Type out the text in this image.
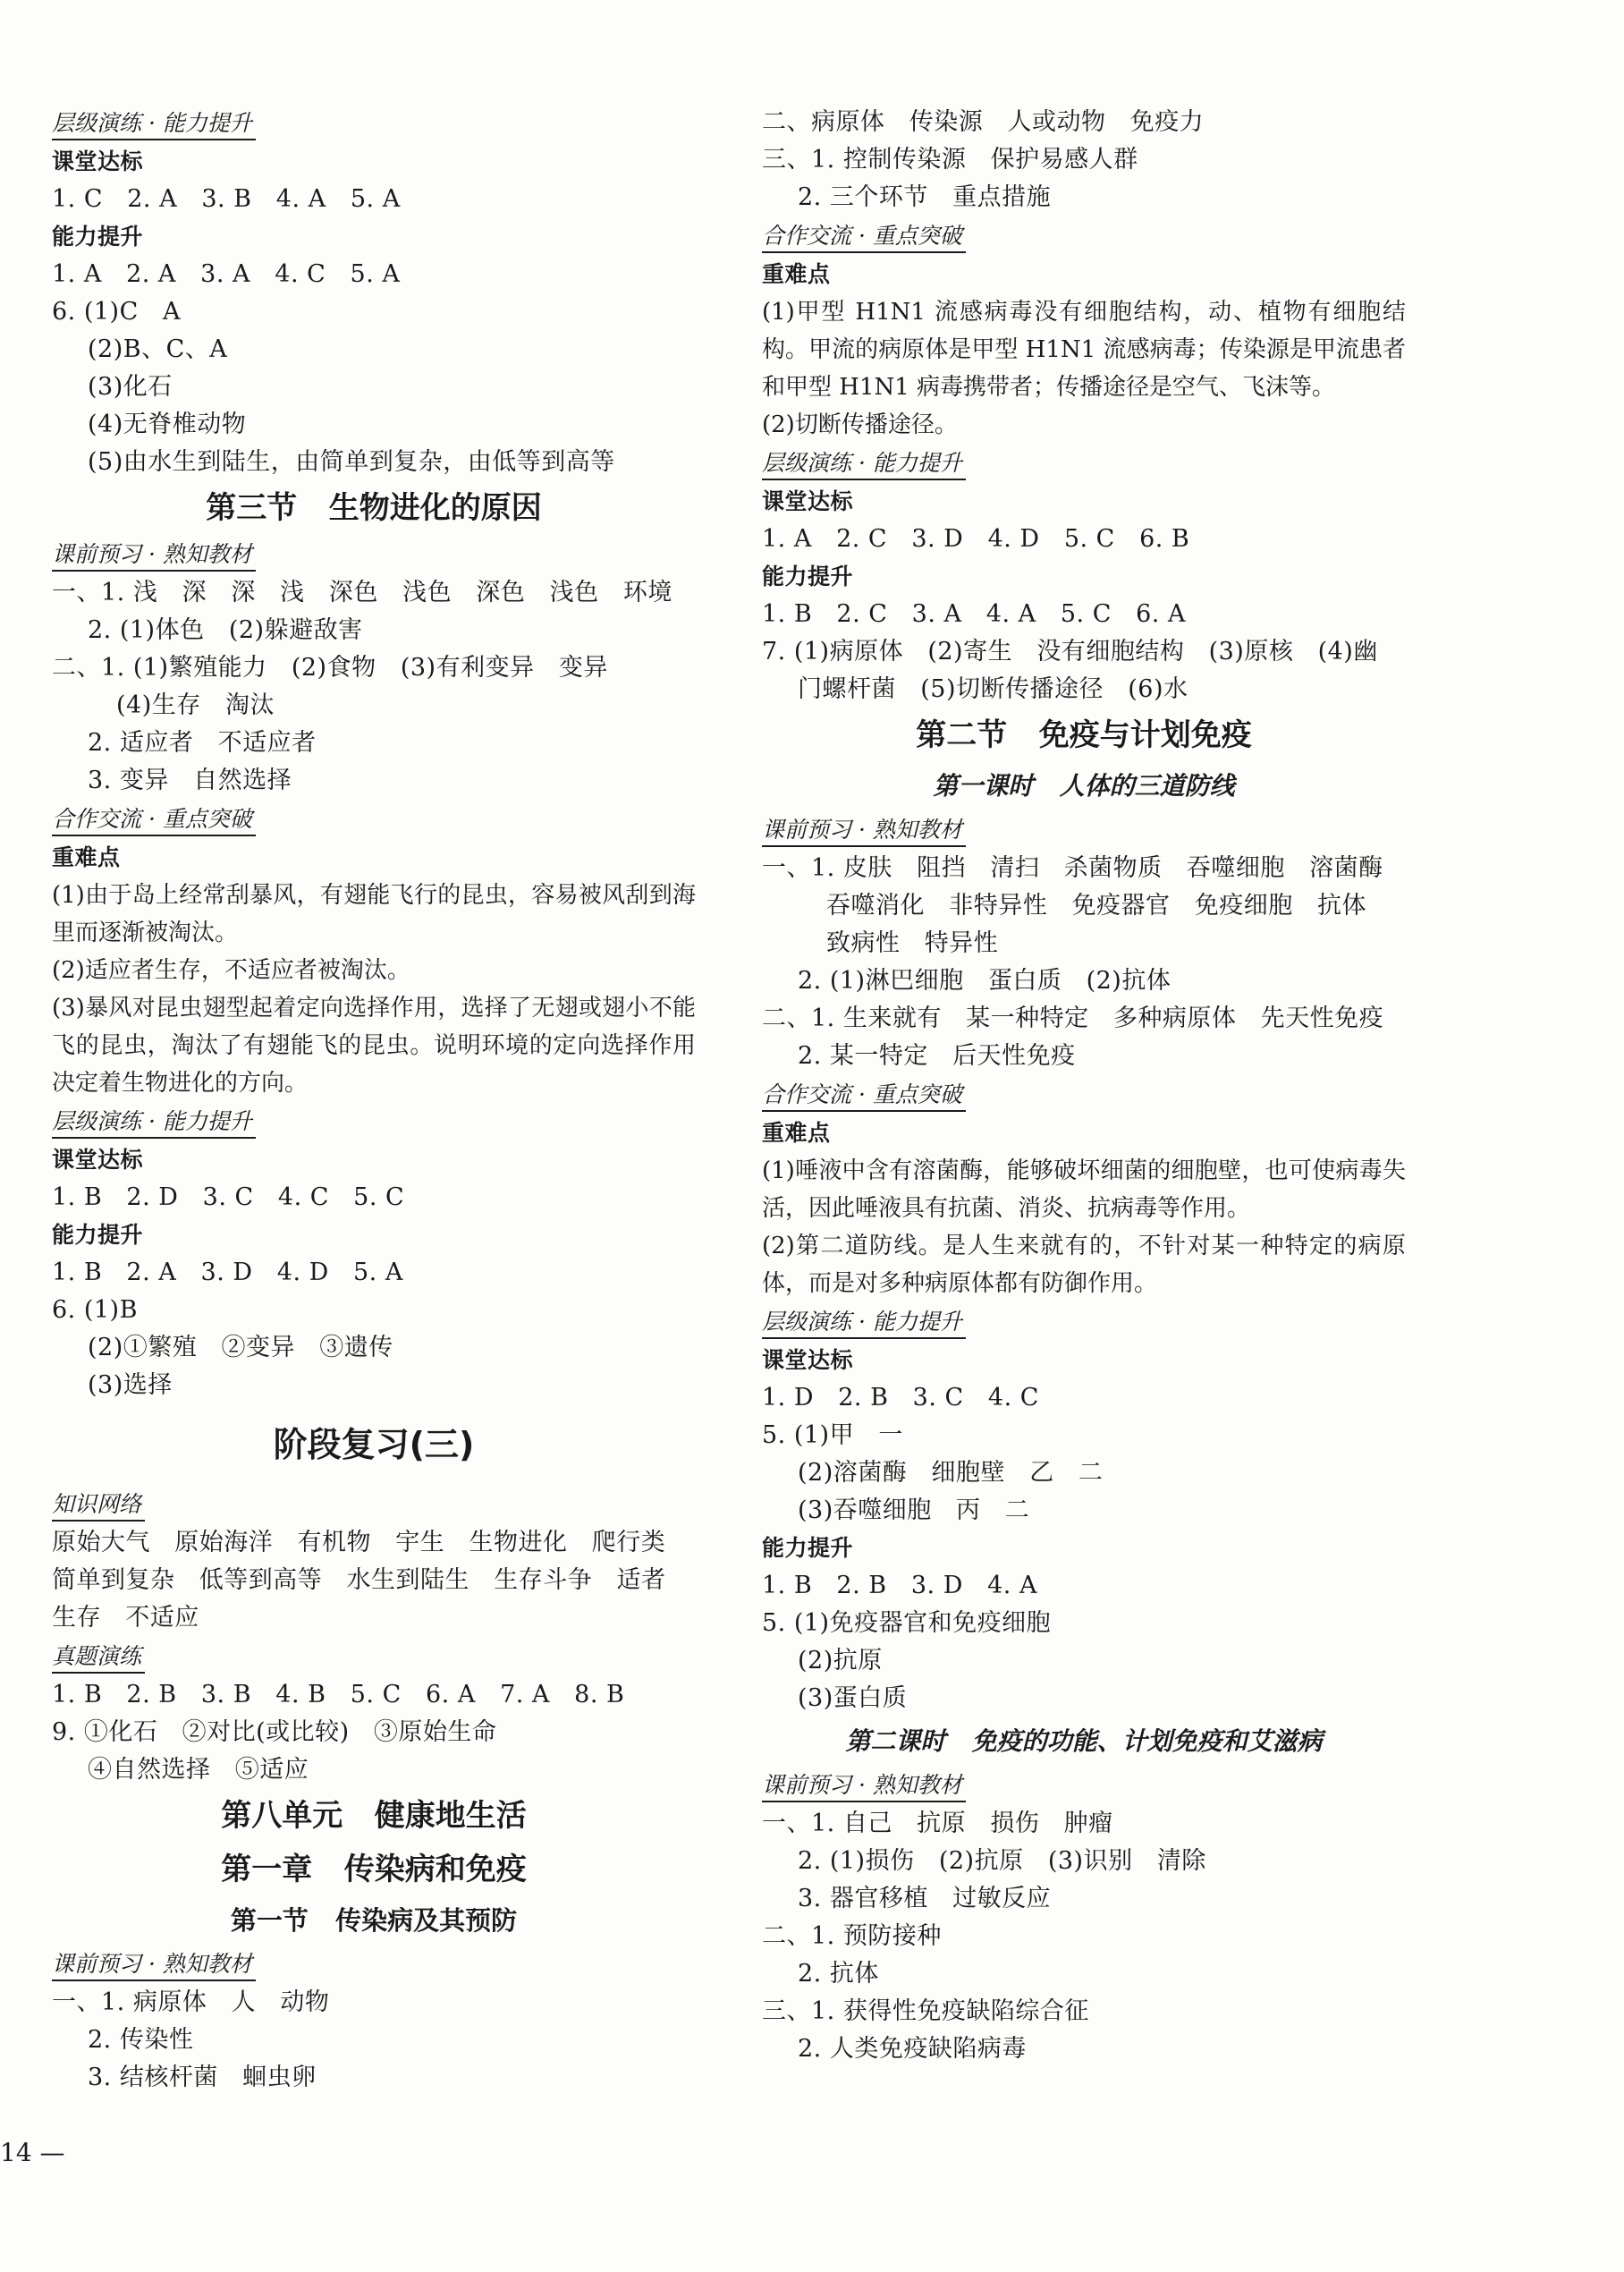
层级演练 · 能力提升
课堂达标
1. C   2. A   3. B   4. A   5. A
能力提升
1. A   2. A   3. A   4. C   5. A
6. (1)C   A
(2)B、C、A
(3)化石
(4)无脊椎动物
(5)由水生到陆生，由简单到复杂，由低等到高等
第三节   生物进化的原因
课前预习 · 熟知教材
一、1. 浅   深   深   浅   深色   浅色   深色   浅色   环境
2. (1)体色   (2)躲避敌害
二、1. (1)繁殖能力   (2)食物   (3)有利变异   变异
(4)生存   淘汰
2. 适应者   不适应者
3. 变异   自然选择
合作交流 · 重点突破
重难点
(1)由于岛上经常刮暴风，有翅能飞行的昆虫，容易被风刮到海里而逐渐被淘汰。
(2)适应者生存，不适应者被淘汰。
(3)暴风对昆虫翅型起着定向选择作用，选择了无翅或翅小不能飞的昆虫，淘汰了有翅能飞的昆虫。说明环境的定向选择作用决定着生物进化的方向。
层级演练 · 能力提升
课堂达标
1. B   2. D   3. C   4. C   5. C
能力提升
1. B   2. A   3. D   4. D   5. A
6. (1)B
(2)①繁殖   ②变异   ③遗传
(3)选择
阶段复习(三)
知识网络
原始大气   原始海洋   有机物   宇生   生物进化   爬行类
简单到复杂   低等到高等   水生到陆生   生存斗争   适者
生存   不适应
真题演练
1. B   2. B   3. B   4. B   5. C   6. A   7. A   8. B
9. ①化石   ②对比(或比较)   ③原始生命
④自然选择   ⑤适应
第八单元   健康地生活
第一章   传染病和免疫
第一节   传染病及其预防
课前预习 · 熟知教材
一、1. 病原体   人   动物
2. 传染性
3. 结核杆菌   蛔虫卵
二、病原体   传染源   人或动物   免疫力
三、1. 控制传染源   保护易感人群
2. 三个环节   重点措施
合作交流 · 重点突破
重难点
(1)甲型 H1N1 流感病毒没有细胞结构，动、植物有细胞结构。甲流的病原体是甲型 H1N1 流感病毒；传染源是甲流患者和甲型 H1N1 病毒携带者；传播途径是空气、飞沫等。
(2)切断传播途径。
层级演练 · 能力提升
课堂达标
1. A   2. C   3. D   4. D   5. C   6. B
能力提升
1. B   2. C   3. A   4. A   5. C   6. A
7. (1)病原体   (2)寄生   没有细胞结构   (3)原核   (4)幽
门螺杆菌   (5)切断传播途径   (6)水
第二节   免疫与计划免疫
第一课时   人体的三道防线
课前预习 · 熟知教材
一、1. 皮肤   阻挡   清扫   杀菌物质   吞噬细胞   溶菌酶
吞噬消化   非特异性   免疫器官   免疫细胞   抗体
致病性   特异性
2. (1)淋巴细胞   蛋白质   (2)抗体
二、1. 生来就有   某一种特定   多种病原体   先天性免疫
2. 某一特定   后天性免疫
合作交流 · 重点突破
重难点
(1)唾液中含有溶菌酶，能够破坏细菌的细胞壁，也可使病毒失活，因此唾液具有抗菌、消炎、抗病毒等作用。
(2)第二道防线。是人生来就有的，不针对某一种特定的病原体，而是对多种病原体都有防御作用。
层级演练 · 能力提升
课堂达标
1. D   2. B   3. C   4. C
5. (1)甲   一
(2)溶菌酶   细胞壁   乙   二
(3)吞噬细胞   丙   二
能力提升
1. B   2. B   3. D   4. A
5. (1)免疫器官和免疫细胞
(2)抗原
(3)蛋白质
第二课时   免疫的功能、计划免疫和艾滋病
课前预习 · 熟知教材
一、1. 自己   抗原   损伤   肿瘤
2. (1)损伤   (2)抗原   (3)识别   清除
3. 器官移植   过敏反应
二、1. 预防接种
2. 抗体
三、1. 获得性免疫缺陷综合征
2. 人类免疫缺陷病毒
14 —
